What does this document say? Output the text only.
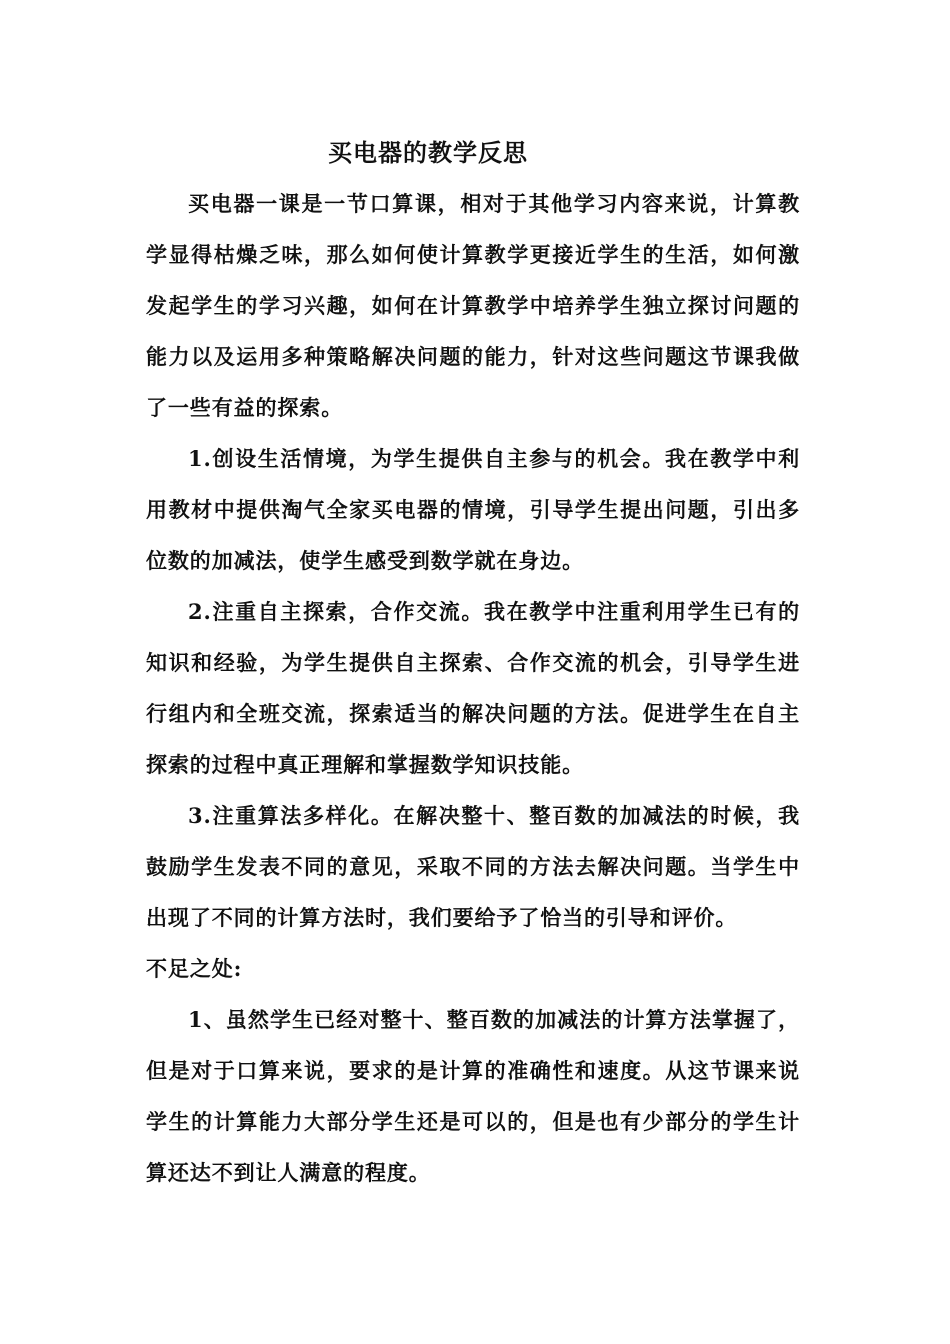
买电器的教学反思

买电器一课是一节口算课，相对于其他学习内容来说，计算教学显得枯燥乏味，那么如何使计算教学更接近学生的生活，如何激发起学生的学习兴趣，如何在计算教学中培养学生独立探讨问题的能力以及运用多种策略解决问题的能力，针对这些问题这节课我做了一些有益的探索。

1.创设生活情境，为学生提供自主参与的机会。我在教学中利用教材中提供淘气全家买电器的情境，引导学生提出问题，引出多位数的加减法，使学生感受到数学就在身边。

2.注重自主探索，合作交流。我在教学中注重利用学生已有的知识和经验，为学生提供自主探索、合作交流的机会，引导学生进行组内和全班交流，探索适当的解决问题的方法。促进学生在自主探索的过程中真正理解和掌握数学知识技能。

3.注重算法多样化。在解决整十、整百数的加减法的时候，我鼓励学生发表不同的意见，采取不同的方法去解决问题。当学生中出现了不同的计算方法时，我们要给予了恰当的引导和评价。

不足之处:

1、虽然学生已经对整十、整百数的加减法的计算方法掌握了，但是对于口算来说，要求的是计算的准确性和速度。从这节课来说学生的计算能力大部分学生还是可以的，但是也有少部分的学生计算还达不到让人满意的程度。
